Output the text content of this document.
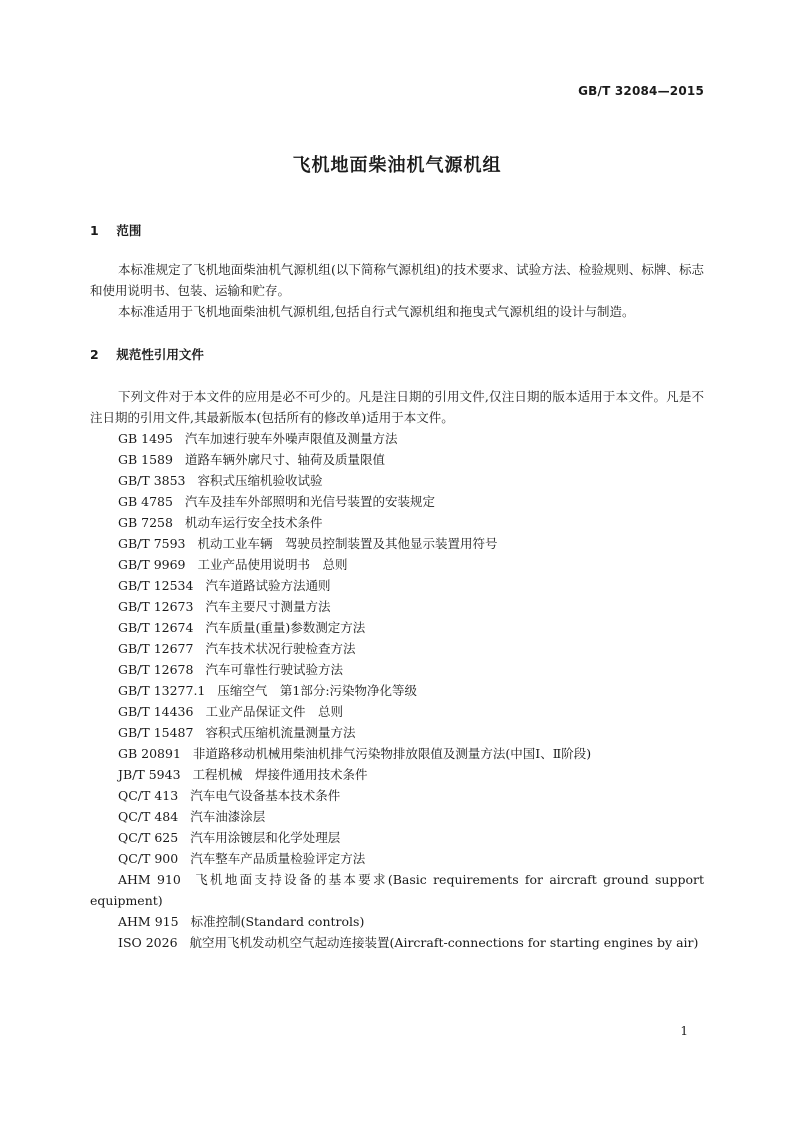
GB/T 32084—2015
飞机地面柴油机气源机组
1 范围

本标准规定了飞机地面柴油机气源机组(以下简称气源机组)的技术要求、试验方法、检验规则、标牌、标志和使用说明书、包装、运输和贮存。

本标准适用于飞机地面柴油机气源机组,包括自行式气源机组和拖曳式气源机组的设计与制造。

2 规范性引用文件

下列文件对于本文件的应用是必不可少的。凡是注日期的引用文件,仅注日期的版本适用于本文件。凡是不注日期的引用文件,其最新版本(包括所有的修改单)适用于本文件。

GB 1495 汽车加速行驶车外噪声限值及测量方法
GB 1589 道路车辆外廓尺寸、轴荷及质量限值
GB/T 3853 容积式压缩机验收试验
GB 4785 汽车及挂车外部照明和光信号装置的安装规定
GB 7258 机动车运行安全技术条件
GB/T 7593 机动工业车辆　驾驶员控制装置及其他显示装置用符号
GB/T 9969 工业产品使用说明书　总则
GB/T 12534 汽车道路试验方法通则
GB/T 12673 汽车主要尺寸测量方法
GB/T 12674 汽车质量(重量)参数测定方法
GB/T 12677 汽车技术状况行驶检查方法
GB/T 12678 汽车可靠性行驶试验方法
GB/T 13277.1 压缩空气　第1部分:污染物净化等级
GB/T 14436 工业产品保证文件　总则
GB/T 15487 容积式压缩机流量测量方法
GB 20891 非道路移动机械用柴油机排气污染物排放限值及测量方法(中国Ⅰ、Ⅱ阶段)
JB/T 5943 工程机械　焊接件通用技术条件
QC/T 413 汽车电气设备基本技术条件
QC/T 484 汽车油漆涂层
QC/T 625 汽车用涂镀层和化学处理层
QC/T 900 汽车整车产品质量检验评定方法
AHM 910 飞机地面支持设备的基本要求(Basic requirements for aircraft ground support equipment)
AHM 915 标准控制(Standard controls)
ISO 2026 航空用飞机发动机空气起动连接装置(Aircraft-connections for starting engines by air)
1
